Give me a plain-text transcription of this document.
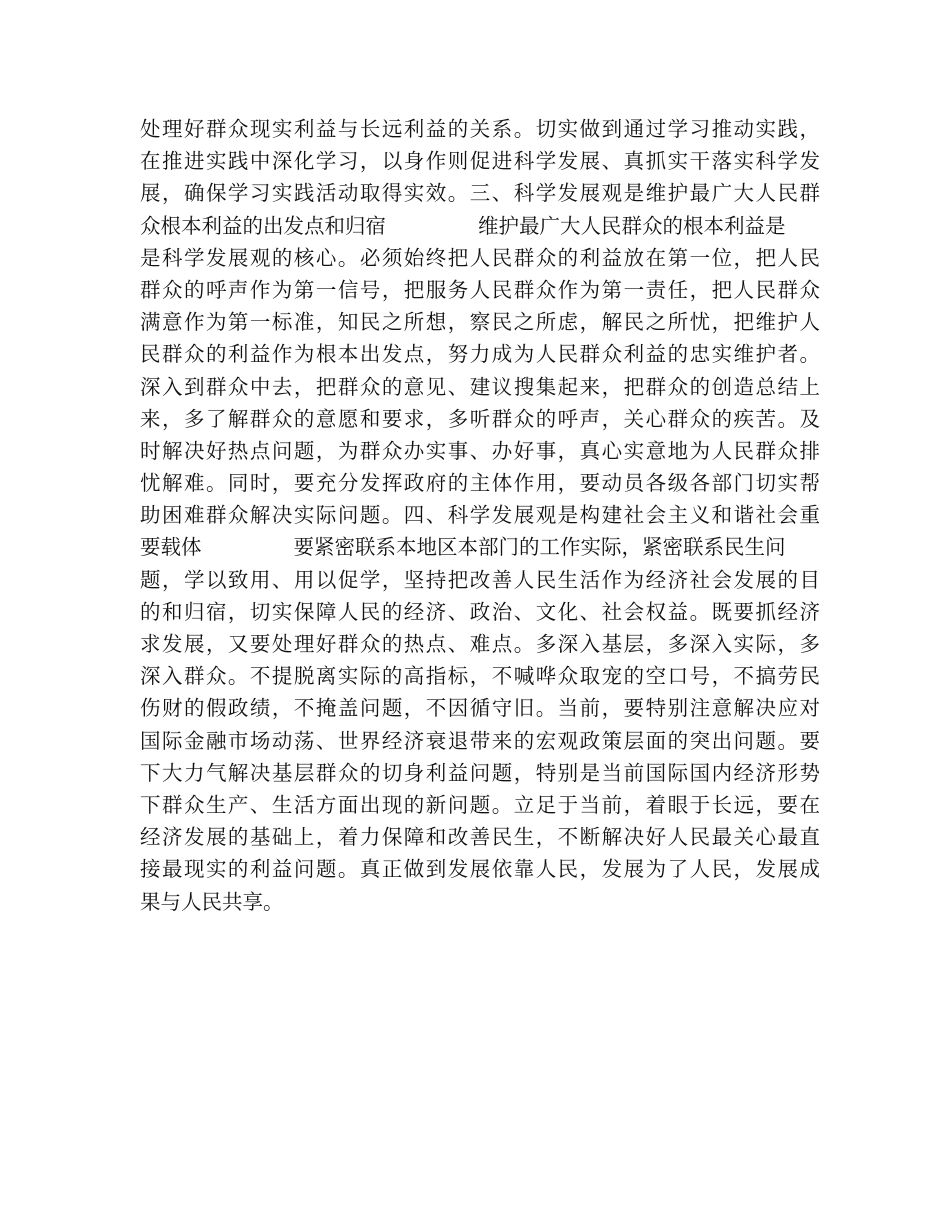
处理好群众现实利益与长远利益的关系。切实做到通过学习推动实践，
在推进实践中深化学习，以身作则促进科学发展、真抓实干落实科学发
展，确保学习实践活动取得实效。三、科学发展观是维护最广大人民群
众根本利益的出发点和归宿	维护最广大人民群众的根本利益是
是科学发展观的核心。必须始终把人民群众的利益放在第一位，把人民
群众的呼声作为第一信号，把服务人民群众作为第一责任，把人民群众
满意作为第一标准，知民之所想，察民之所虑，解民之所忧，把维护人
民群众的利益作为根本出发点，努力成为人民群众利益的忠实维护者。
深入到群众中去，把群众的意见、建议搜集起来，把群众的创造总结上
来，多了解群众的意愿和要求，多听群众的呼声，关心群众的疾苦。及
时解决好热点问题，为群众办实事、办好事，真心实意地为人民群众排
忧解难。同时，要充分发挥政府的主体作用，要动员各级各部门切实帮
助困难群众解决实际问题。四、科学发展观是构建社会主义和谐社会重
要载体	要紧密联系本地区本部门的工作实际，紧密联系民生问
题，学以致用、用以促学，坚持把改善人民生活作为经济社会发展的目
的和归宿，切实保障人民的经济、政治、文化、社会权益。既要抓经济
求发展，又要处理好群众的热点、难点。多深入基层，多深入实际，多
深入群众。不提脱离实际的高指标，不喊哗众取宠的空口号，不搞劳民
伤财的假政绩，不掩盖问题，不因循守旧。当前，要特别注意解决应对
国际金融市场动荡、世界经济衰退带来的宏观政策层面的突出问题。要
下大力气解决基层群众的切身利益问题，特别是当前国际国内经济形势
下群众生产、生活方面出现的新问题。立足于当前，着眼于长远，要在
经济发展的基础上，着力保障和改善民生，不断解决好人民最关心最直
接最现实的利益问题。真正做到发展依靠人民，发展为了人民，发展成
果与人民共享。
